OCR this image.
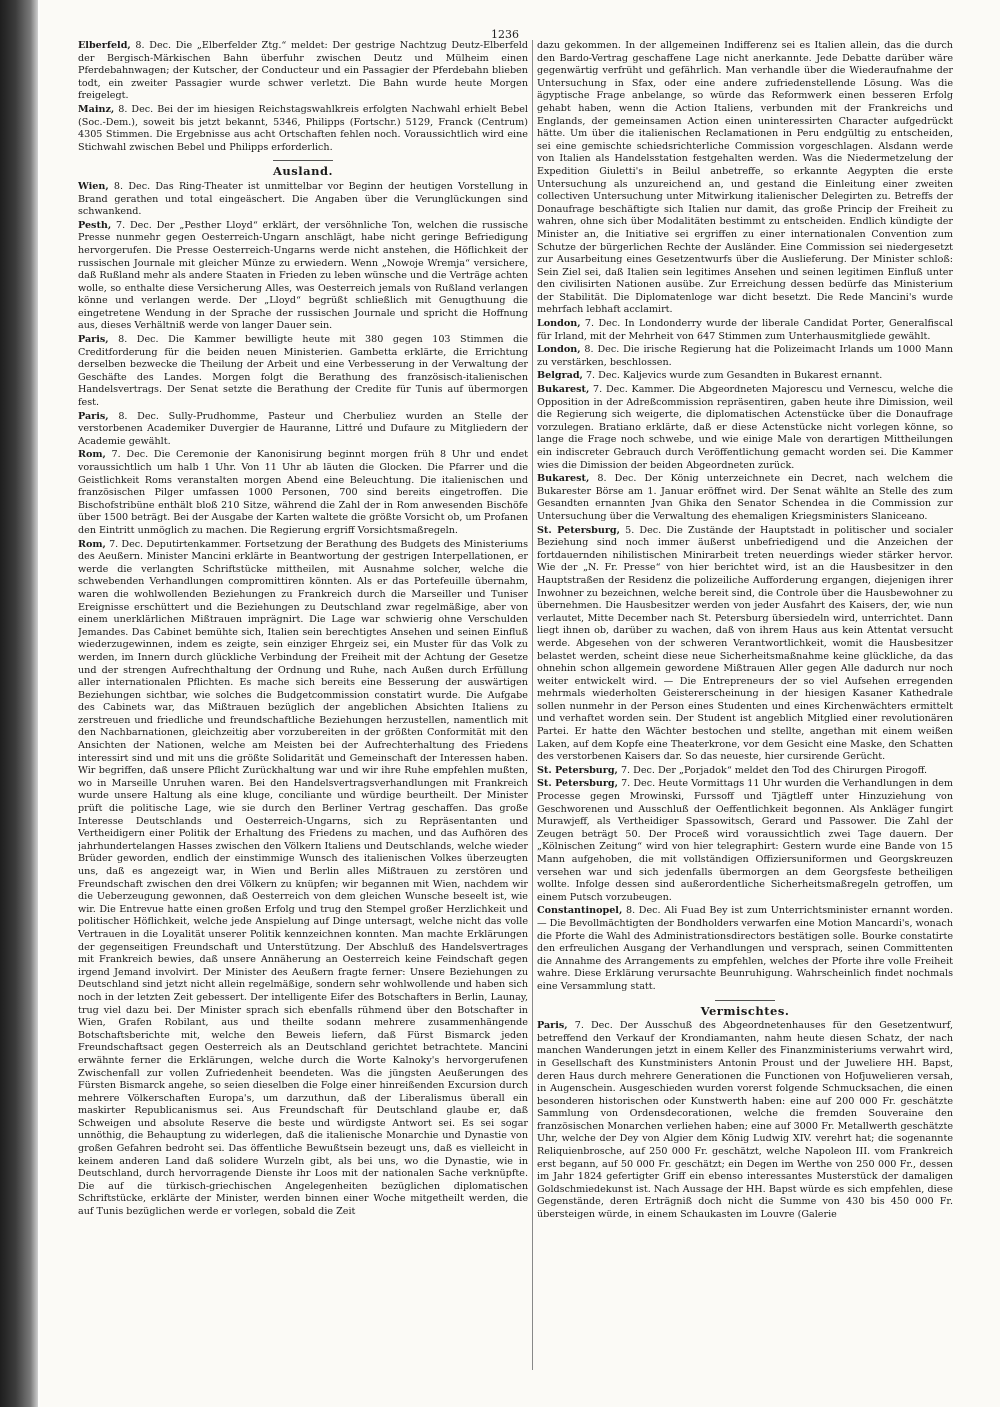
1236

Elberfeld, 8. Dec. Die „Elberfelder Ztg.“ meldet: Der gestrige Nachtzug Deutz-Elberfeld der Bergisch-Märkischen Bahn überfuhr zwischen Deutz und Mülheim einen Pferdebahnwagen; der Kutscher, der Conducteur und ein Passagier der Pferdebahn blieben todt, ein zweiter Passagier wurde schwer verletzt. Die Bahn wurde heute Morgen freigelegt.

Mainz, 8. Dec. Bei der im hiesigen Reichstagswahlkreis erfolgten Nachwahl erhielt Bebel (Soc.-Dem.), soweit bis jetzt bekannt, 5346, Philipps (Fortschr.) 5129, Franck (Centrum) 4305 Stimmen. Die Ergebnisse aus acht Ortschaften fehlen noch. Voraussichtlich wird eine Stichwahl zwischen Bebel und Philipps erforderlich.

Ausland.

Wien, 8. Dec. Das Ring-Theater ist unmittelbar vor Beginn der heutigen Vorstellung in Brand gerathen und total eingeäschert. Die Angaben über die Verunglückungen sind schwankend.

Pesth, 7. Dec. Der „Pesther Lloyd“ erklärt, der versöhnliche Ton, welchen die russische Presse nunmehr gegen Oesterreich-Ungarn anschlägt, habe nicht geringe Befriedigung hervorgerufen. Die Presse Oesterreich-Ungarns werde nicht anstehen, die Höflichkeit der russischen Journale mit gleicher Münze zu erwiedern. Wenn „Nowoje Wremja“ versichere, daß Rußland mehr als andere Staaten in Frieden zu leben wünsche und die Verträge achten wolle, so enthalte diese Versicherung Alles, was Oesterreich jemals von Rußland verlangen könne und verlangen werde. Der „Lloyd“ begrüßt schließlich mit Genugthuung die eingetretene Wendung in der Sprache der russischen Journale und spricht die Hoffnung aus, dieses Verhältniß werde von langer Dauer sein.

Paris, 8. Dec. Die Kammer bewilligte heute mit 380 gegen 103 Stimmen die Creditforderung für die beiden neuen Ministerien. Gambetta erklärte, die Errichtung derselben bezwecke die Theilung der Arbeit und eine Verbesserung in der Verwaltung der Geschäfte des Landes. Morgen folgt die Berathung des französisch-italienischen Handelsvertrags. Der Senat setzte die Berathung der Credite für Tunis auf übermorgen fest.

Paris, 8. Dec. Sully-Prudhomme, Pasteur und Cherbuliez wurden an Stelle der verstorbenen Academiker Duvergier de Hauranne, Littré und Dufaure zu Mitgliedern der Academie gewählt.

Rom, 7. Dec. Die Ceremonie der Kanonisirung beginnt morgen früh 8 Uhr und endet voraussichtlich um halb 1 Uhr. Von 11 Uhr ab läuten die Glocken. Die Pfarrer und die Geistlichkeit Roms veranstalten morgen Abend eine Beleuchtung. Die italienischen und französischen Pilger umfassen 1000 Personen, 700 sind bereits eingetroffen. Die Bischofstribüne enthält bloß 210 Sitze, während die Zahl der in Rom anwesenden Bischöfe über 1500 beträgt. Bei der Ausgabe der Karten waltete die größte Vorsicht ob, um Profanen den Eintritt unmöglich zu machen. Die Regierung ergriff Vorsichtsmaßregeln.

Rom, 7. Dec. Deputirtenkammer. Fortsetzung der Berathung des Budgets des Ministeriums des Aeußern. Minister Mancini erklärte in Beantwortung der gestrigen Interpellationen, er werde die verlangten Schriftstücke mittheilen, mit Ausnahme solcher, welche die schwebenden Verhandlungen compromittiren könnten. Als er das Portefeuille übernahm, waren die wohlwollenden Beziehungen zu Frankreich durch die Marseiller und Tuniser Ereignisse erschüttert und die Beziehungen zu Deutschland zwar regelmäßige, aber von einem unerklärlichen Mißtrauen imprägnirt. Die Lage war schwierig ohne Verschulden Jemandes. Das Cabinet bemühte sich, Italien sein berechtigtes Ansehen und seinen Einfluß wiederzugewinnen, indem es zeigte, sein einziger Ehrgeiz sei, ein Muster für das Volk zu werden, im Innern durch glückliche Verbindung der Freiheit mit der Achtung der Gesetze und der strengen Aufrechthaltung der Ordnung und Ruhe, nach Außen durch Erfüllung aller internationalen Pflichten. Es mache sich bereits eine Besserung der auswärtigen Beziehungen sichtbar, wie solches die Budgetcommission constatirt wurde. Die Aufgabe des Cabinets war, das Mißtrauen bezüglich der angeblichen Absichten Italiens zu zerstreuen und friedliche und freundschaftliche Beziehungen herzustellen, namentlich mit den Nachbarnationen, gleichzeitig aber vorzubereiten in der größten Conformität mit den Ansichten der Nationen, welche am Meisten bei der Aufrechterhaltung des Friedens interessirt sind und mit uns die größte Solidarität und Gemeinschaft der Interessen haben. Wir begriffen, daß unsere Pflicht Zurückhaltung war und wir ihre Ruhe empfehlen mußten, wo in Marseille Unruhen waren. Bei den Handelsvertragsverhandlungen mit Frankreich wurde unsere Haltung als eine kluge, conciliante und würdige beurtheilt. Der Minister prüft die politische Lage, wie sie durch den Berliner Vertrag geschaffen. Das große Interesse Deutschlands und Oesterreich-Ungarns, sich zu Repräsentanten und Vertheidigern einer Politik der Erhaltung des Friedens zu machen, und das Aufhören des jahrhundertelangen Hasses zwischen den Völkern Italiens und Deutschlands, welche wieder Brüder geworden, endlich der einstimmige Wunsch des italienischen Volkes überzeugten uns, daß es angezeigt war, in Wien und Berlin alles Mißtrauen zu zerstören und Freundschaft zwischen den drei Völkern zu knüpfen; wir begannen mit Wien, nachdem wir die Ueberzeugung gewonnen, daß Oesterreich von dem gleichen Wunsche beseelt ist, wie wir. Die Entrevue hatte einen großen Erfolg und trug den Stempel großer Herzlichkeit und politischer Höflichkeit, welche jede Anspielung auf Dinge untersagt, welche nicht das volle Vertrauen in die Loyalität unserer Politik kennzeichnen konnten. Man machte Erklärungen der gegenseitigen Freundschaft und Unterstützung. Der Abschluß des Handelsvertrages mit Frankreich bewies, daß unsere Annäherung an Oesterreich keine Feindschaft gegen irgend Jemand involvirt. Der Minister des Aeußern fragte ferner: Unsere Beziehungen zu Deutschland sind jetzt nicht allein regelmäßige, sondern sehr wohlwollende und haben sich noch in der letzten Zeit gebessert. Der intelligente Eifer des Botschafters in Berlin, Launay, trug viel dazu bei. Der Minister sprach sich ebenfalls rühmend über den Botschafter in Wien, Grafen Robilant, aus und theilte sodann mehrere zusammenhängende Botschaftsberichte mit, welche den Beweis liefern, daß Fürst Bismarck jeden Freundschaftsact gegen Oesterreich als an Deutschland gerichtet betrachtete. Mancini erwähnte ferner die Erklärungen, welche durch die Worte Kalnoky's hervorgerufenen Zwischenfall zur vollen Zufriedenheit beendeten. Was die jüngsten Aeußerungen des Fürsten Bismarck angehe, so seien dieselben die Folge einer hinreißenden Excursion durch mehrere Völkerschaften Europa's, um darzuthun, daß der Liberalismus überall ein maskirter Republicanismus sei. Aus Freundschaft für Deutschland glaube er, daß Schweigen und absolute Reserve die beste und würdigste Antwort sei. Es sei sogar unnöthig, die Behauptung zu widerlegen, daß die italienische Monarchie und Dynastie von großen Gefahren bedroht sei. Das öffentliche Bewußtsein bezeugt uns, daß es vielleicht in keinem anderen Land daß solidere Wurzeln gibt, als bei uns, wo die Dynastie, wie in Deutschland, durch hervorragende Dienste ihr Loos mit der nationalen Sache verknüpfte. Die auf die türkisch-griechischen Angelegenheiten bezüglichen diplomatischen Schriftstücke, erklärte der Minister, werden binnen einer Woche mitgetheilt werden, die auf Tunis bezüglichen werde er vorlegen, sobald die Zeit

dazu gekommen. In der allgemeinen Indifferenz sei es Italien allein, das die durch den Bardo-Vertrag geschaffene Lage nicht anerkannte. Jede Debatte darüber wäre gegenwärtig verfrüht und gefährlich. Man verhandle über die Wiederaufnahme der Untersuchung in Sfax, oder eine andere zufriedenstellende Lösung. Was die ägyptische Frage anbelange, so würde das Reformwerk einen besseren Erfolg gehabt haben, wenn die Action Italiens, verbunden mit der Frankreichs und Englands, der gemeinsamen Action einen uninteressirten Character aufgedrückt hätte. Um über die italienischen Reclamationen in Peru endgültig zu entscheiden, sei eine gemischte schiedsrichterliche Commission vorgeschlagen. Alsdann werde von Italien als Handelsstation festgehalten werden. Was die Niedermetzelung der Expedition Giuletti's in Beilul anbetreffe, so erkannte Aegypten die erste Untersuchung als unzureichend an, und gestand die Einleitung einer zweiten collectiven Untersuchung unter Mitwirkung italienischer Delegirten zu. Betreffs der Donaufrage beschäftigte sich Italien nur damit, das große Princip der Freiheit zu wahren, ohne sich über Modalitäten bestimmt zu entscheiden. Endlich kündigte der Minister an, die Initiative sei ergriffen zu einer internationalen Convention zum Schutze der bürgerlichen Rechte der Ausländer. Eine Commission sei niedergesetzt zur Ausarbeitung eines Gesetzentwurfs über die Auslieferung. Der Minister schloß: Sein Ziel sei, daß Italien sein legitimes Ansehen und seinen legitimen Einfluß unter den civilisirten Nationen ausübe. Zur Erreichung dessen bedürfe das Ministerium der Stabilität. Die Diplomatenloge war dicht besetzt. Die Rede Mancini's wurde mehrfach lebhaft acclamirt.

London, 7. Dec. In Londonderry wurde der liberale Candidat Porter, Generalfiscal für Irland, mit der Mehrheit von 647 Stimmen zum Unterhausmitgliede gewählt.

London, 8. Dec. Die irische Regierung hat die Polizeimacht Irlands um 1000 Mann zu verstärken, beschlossen.

Belgrad, 7. Dec. Kaljevics wurde zum Gesandten in Bukarest ernannt.

Bukarest, 7. Dec. Kammer. Die Abgeordneten Majorescu und Vernescu, welche die Opposition in der Adreßcommission repräsentiren, gaben heute ihre Dimission, weil die Regierung sich weigerte, die diplomatischen Actenstücke über die Donaufrage vorzulegen. Bratiano erklärte, daß er diese Actenstücke nicht vorlegen könne, so lange die Frage noch schwebe, und wie einige Male von derartigen Mittheilungen ein indiscreter Gebrauch durch Veröffentlichung gemacht worden sei. Die Kammer wies die Dimission der beiden Abgeordneten zurück.

Bukarest, 8. Dec. Der König unterzeichnete ein Decret, nach welchem die Bukarester Börse am 1. Januar eröffnet wird. Der Senat wählte an Stelle des zum Gesandten ernannten Jvan Ghika den Senator Schendea in die Commission zur Untersuchung über die Verwaltung des ehemaligen Kriegsministers Slaniceano.

St. Petersburg, 5. Dec. Die Zustände der Hauptstadt in politischer und socialer Beziehung sind noch immer äußerst unbefriedigend und die Anzeichen der fortdauernden nihilistischen Minirarbeit treten neuerdings wieder stärker hervor. Wie der „N. Fr. Presse“ von hier berichtet wird, ist an die Hausbesitzer in den Hauptstraßen der Residenz die polizeiliche Aufforderung ergangen, diejenigen ihrer Inwohner zu bezeichnen, welche bereit sind, die Controle über die Hausbewohner zu übernehmen. Die Hausbesitzer werden von jeder Ausfahrt des Kaisers, der, wie nun verlautet, Mitte December nach St. Petersburg übersiedeln wird, unterrichtet. Dann liegt ihnen ob, darüber zu wachen, daß von ihrem Haus aus kein Attentat versucht werde. Abgesehen von der schweren Verantwortlichkeit, womit die Hausbesitzer belastet werden, scheint diese neue Sicherheitsmaßnahme keine glückliche, da das ohnehin schon allgemein gewordene Mißtrauen Aller gegen Alle dadurch nur noch weiter entwickelt wird. — Die Entrepreneurs der so viel Aufsehen erregenden mehrmals wiederholten Geistererscheinung in der hiesigen Kasaner Kathedrale sollen nunmehr in der Person eines Studenten und eines Kirchenwächters ermittelt und verhaftet worden sein. Der Student ist angeblich Mitglied einer revolutionären Partei. Er hatte den Wächter bestochen und stellte, angethan mit einem weißen Laken, auf dem Kopfe eine Theaterkrone, vor dem Gesicht eine Maske, den Schatten des verstorbenen Kaisers dar. So das neueste, hier cursirende Gerücht.

St. Petersburg, 7. Dec. Der „Porjadok“ meldet den Tod des Chirurgen Pirogoff.

St. Petersburg, 7. Dec. Heute Vormittags 11 Uhr wurden die Verhandlungen in dem Processe gegen Mrowinski, Furssoff und Tjägtleff unter Hinzuziehung von Geschworenen und Ausschluß der Oeffentlichkeit begonnen. Als Ankläger fungirt Murawjeff, als Vertheidiger Spassowitsch, Gerard und Passower. Die Zahl der Zeugen beträgt 50. Der Proceß wird voraussichtlich zwei Tage dauern. Der „Kölnischen Zeitung“ wird von hier telegraphirt: Gestern wurde eine Bande von 15 Mann aufgehoben, die mit vollständigen Offiziersuniformen und Georgskreuzen versehen war und sich jedenfalls übermorgen an dem Georgsfeste betheiligen wollte. Infolge dessen sind außerordentliche Sicherheitsmaßregeln getroffen, um einem Putsch vorzubeugen.

Constantinopel, 8. Dec. Ali Fuad Bey ist zum Unterrichtsminister ernannt worden. — Die Bevollmächtigten der Bondholders verwarfen eine Motion Mancardi's, wonach die Pforte die Wahl des Administrationsdirectors bestätigen solle. Bourke constatirte den erfreulichen Ausgang der Verhandlungen und versprach, seinen Committenten die Annahme des Arrangements zu empfehlen, welches der Pforte ihre volle Freiheit wahre. Diese Erklärung verursachte Beunruhigung. Wahrscheinlich findet nochmals eine Versammlung statt.

Vermischtes.

Paris, 7. Dec. Der Ausschuß des Abgeordnetenhauses für den Gesetzentwurf, betreffend den Verkauf der Krondiamanten, nahm heute diesen Schatz, der nach manchen Wanderungen jetzt in einem Keller des Finanzministeriums verwahrt wird, in Gesellschaft des Kunstministers Antonin Proust und der Juweliere HH. Bapst, deren Haus durch mehrere Generationen die Functionen von Hofjuwelieren versah, in Augenschein. Ausgeschieden wurden vorerst folgende Schmucksachen, die einen besonderen historischen oder Kunstwerth haben: eine auf 200 000 Fr. geschätzte Sammlung von Ordensdecorationen, welche die fremden Souveraine den französischen Monarchen verliehen haben; eine auf 3000 Fr. Metallwerth geschätzte Uhr, welche der Dey von Algier dem König Ludwig XIV. verehrt hat; die sogenannte Reliquienbrosche, auf 250 000 Fr. geschätzt, welche Napoleon III. vom Frankreich erst begann, auf 50 000 Fr. geschätzt; ein Degen im Werthe von 250 000 Fr., dessen im Jahr 1824 gefertigter Griff ein ebenso interessantes Musterstück der damaligen Goldschmiedekunst ist. Nach Aussage der HH. Bapst würde es sich empfehlen, diese Gegenstände, deren Erträgniß doch nicht die Summe von 430 bis 450 000 Fr. übersteigen würde, in einem Schaukasten im Louvre (Galerie
